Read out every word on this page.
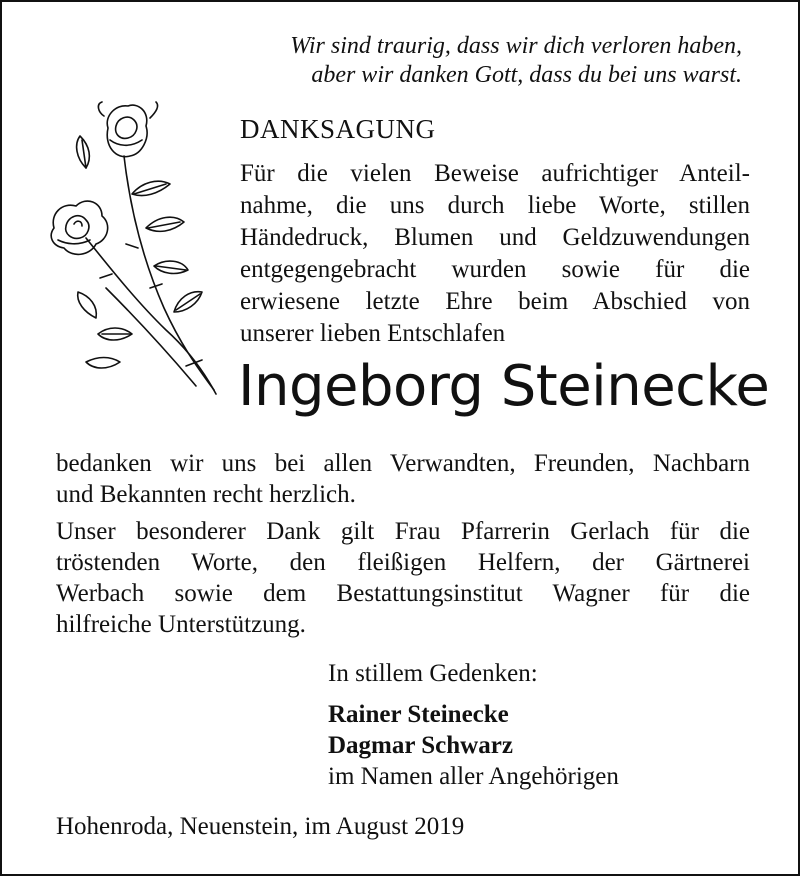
Wir sind traurig, dass wir dich verloren haben,
aber wir danken Gott, dass du bei uns warst.
DANKSAGUNG
Für die vielen Beweise aufrichtiger Anteil-
nahme, die uns durch liebe Worte, stillen
Händedruck, Blumen und Geldzuwendungen
entgegengebracht wurden sowie für die
erwiesene letzte Ehre beim Abschied von
unserer lieben Entschlafen
Ingeborg Steinecke
bedanken wir uns bei allen Verwandten, Freunden, Nachbarn
und Bekannten recht herzlich.
Unser besonderer Dank gilt Frau Pfarrerin Gerlach für die
tröstenden Worte, den fleißigen Helfern, der Gärtnerei
Werbach sowie dem Bestattungsinstitut Wagner für die
hilfreiche Unterstützung.
In stillem Gedenken:
Rainer Steinecke
Dagmar Schwarz
im Namen aller Angehörigen
Hohenroda, Neuenstein, im August 2019
